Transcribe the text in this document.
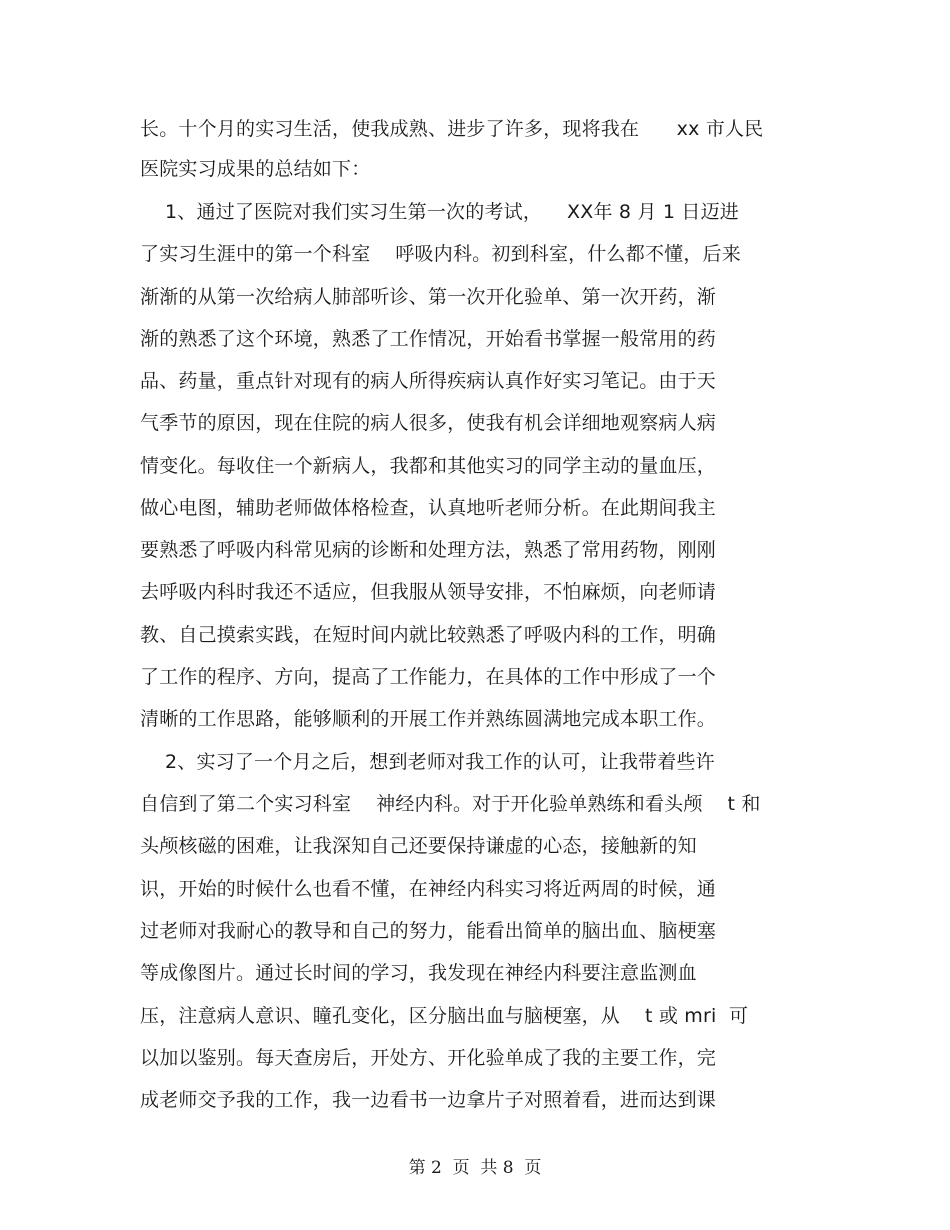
长。十个月的实习生活，使我成熟、进步了许多，现将我在      xx 市人民

医院实习成果的总结如下：

1、通过了医院对我们实习生第一次的考试，    XX年 8 月 1 日迈进

了实习生涯中的第一个科室    呼吸内科。初到科室，什么都不懂，后来

渐渐的从第一次给病人肺部听诊、第一次开化验单、第一次开药，渐

渐的熟悉了这个环境，熟悉了工作情况，开始看书掌握一般常用的药

品、药量，重点针对现有的病人所得疾病认真作好实习笔记。由于天

气季节的原因，现在住院的病人很多，使我有机会详细地观察病人病

情变化。每收住一个新病人，我都和其他实习的同学主动的量血压，

做心电图，辅助老师做体格检查，认真地听老师分析。在此期间我主

要熟悉了呼吸内科常见病的诊断和处理方法，熟悉了常用药物，刚刚

去呼吸内科时我还不适应，但我服从领导安排，不怕麻烦，向老师请

教、自己摸索实践，在短时间内就比较熟悉了呼吸内科的工作，明确

了工作的程序、方向，提高了工作能力，在具体的工作中形成了一个

清晰的工作思路，能够顺利的开展工作并熟练圆满地完成本职工作。

2、实习了一个月之后，想到老师对我工作的认可，让我带着些许

自信到了第二个实习科室    神经内科。对于开化验单熟练和看头颅    t 和

头颅核磁的困难，让我深知自己还要保持谦虚的心态，接触新的知

识，开始的时候什么也看不懂，在神经内科实习将近两周的时候，通

过老师对我耐心的教导和自己的努力，能看出简单的脑出血、脑梗塞

等成像图片。通过长时间的学习，我发现在神经内科要注意监测血

压，注意病人意识、瞳孔变化，区分脑出血与脑梗塞，从    t 或 mri  可

以加以鉴别。每天查房后，开处方、开化验单成了我的主要工作，完

成老师交予我的工作，我一边看书一边拿片子对照着看，进而达到课

第 2  页  共 8  页
